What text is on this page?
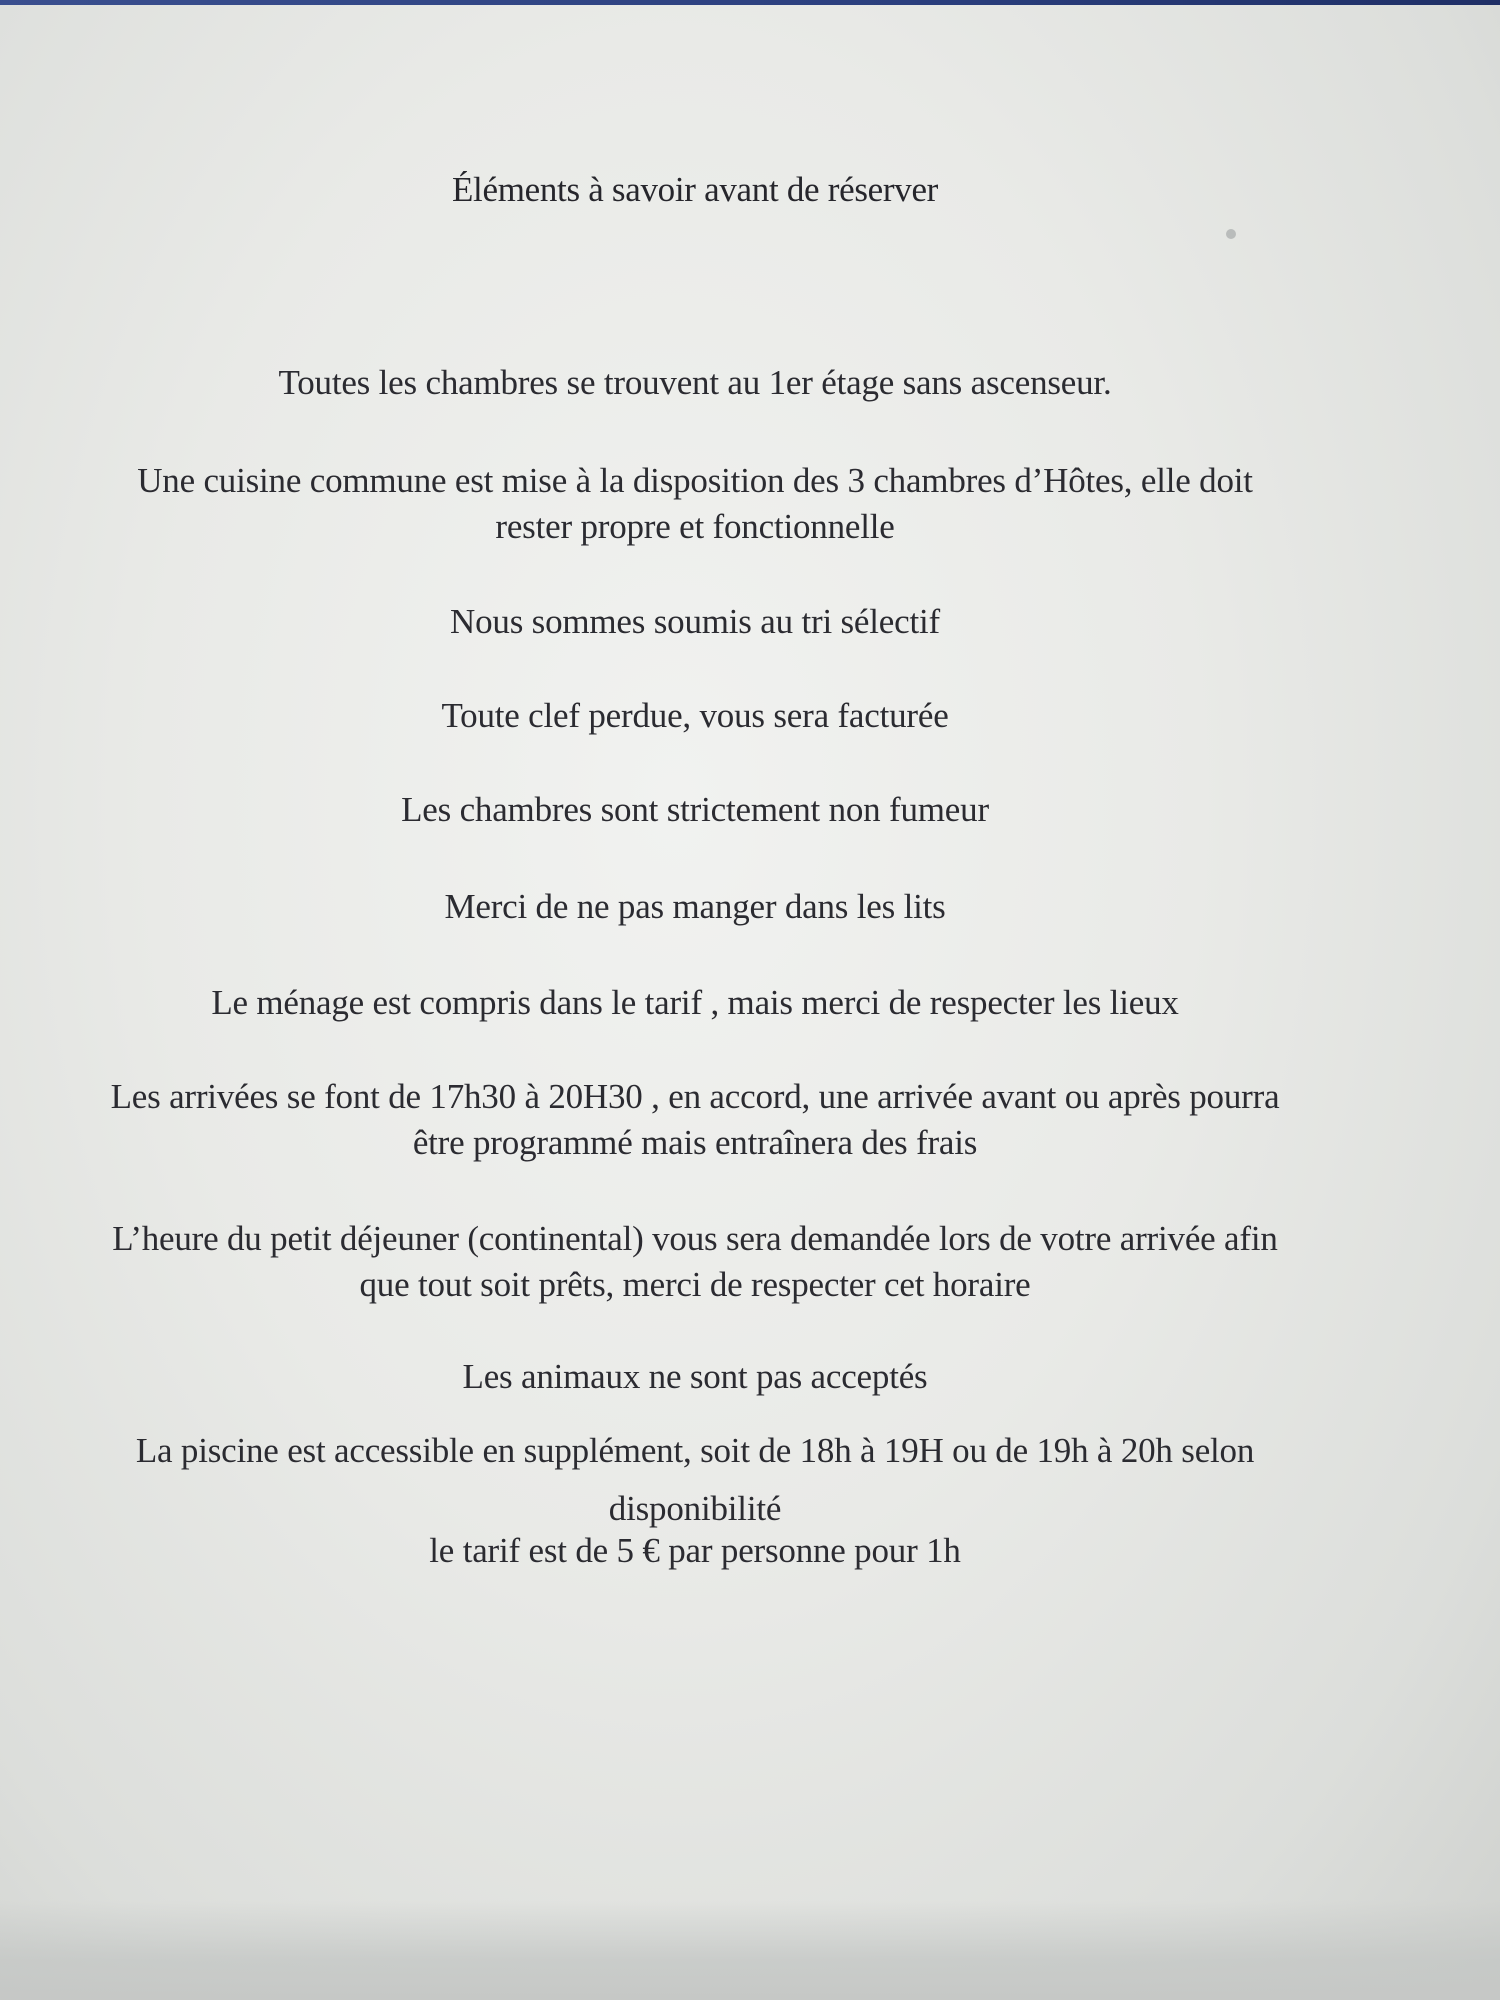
Éléments à savoir avant de réserver
Toutes les chambres se trouvent au 1er étage sans ascenseur.
Une cuisine commune est mise à la disposition des 3 chambres d’Hôtes, elle doit
rester propre et fonctionnelle
Nous sommes soumis au tri sélectif
Toute clef perdue, vous sera facturée
Les chambres sont strictement non fumeur
Merci de ne pas manger dans les lits
Le ménage est compris dans le tarif , mais merci de respecter les lieux
Les arrivées se font de 17h30 à 20H30 , en accord, une arrivée avant ou après pourra
être programmé mais entraînera des frais
L’heure du petit déjeuner (continental) vous sera demandée lors de votre arrivée afin
que tout soit prêts, merci de respecter cet horaire
Les animaux ne sont pas acceptés
La piscine est accessible en supplément, soit de 18h à 19H ou de 19h à 20h selon
disponibilité
le tarif est de 5 € par personne pour 1h
